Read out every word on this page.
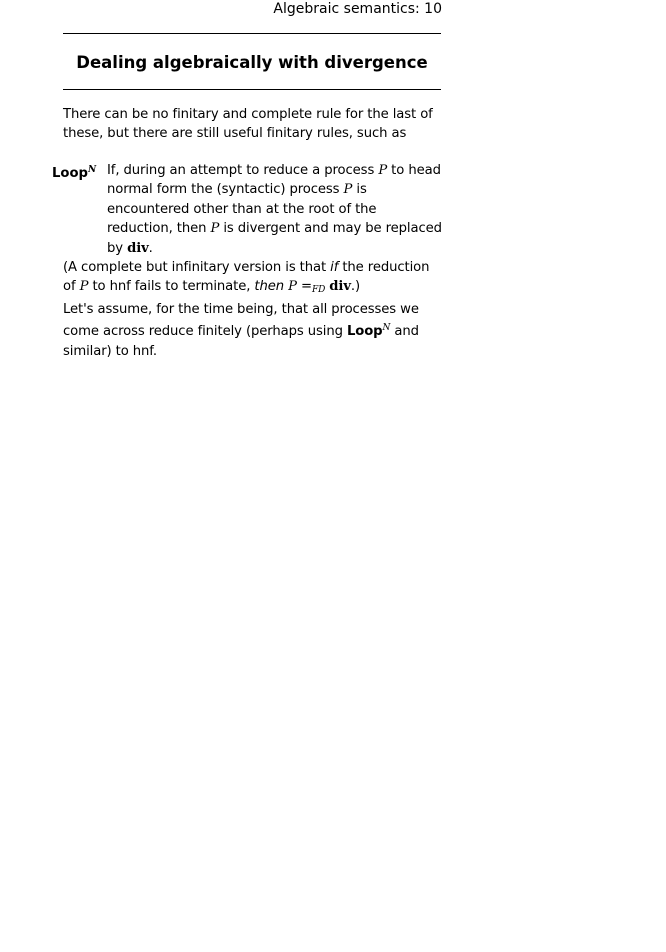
Algebraic semantics: 10
Dealing algebraically with divergence
There can be no finitary and complete rule for the last of these, but there are still useful finitary rules, such as
Loop$^N$ If, during an attempt to reduce a process P to head normal form the (syntactic) process P is encountered other than at the root of the reduction, then P is divergent and may be replaced by div.
(A complete but infinitary version is that if the reduction of P to hnf fails to terminate, then P =FD div.)
Let's assume, for the time being, that all processes we come across reduce finitely (perhaps using Loop$^N$ and similar) to hnf.
